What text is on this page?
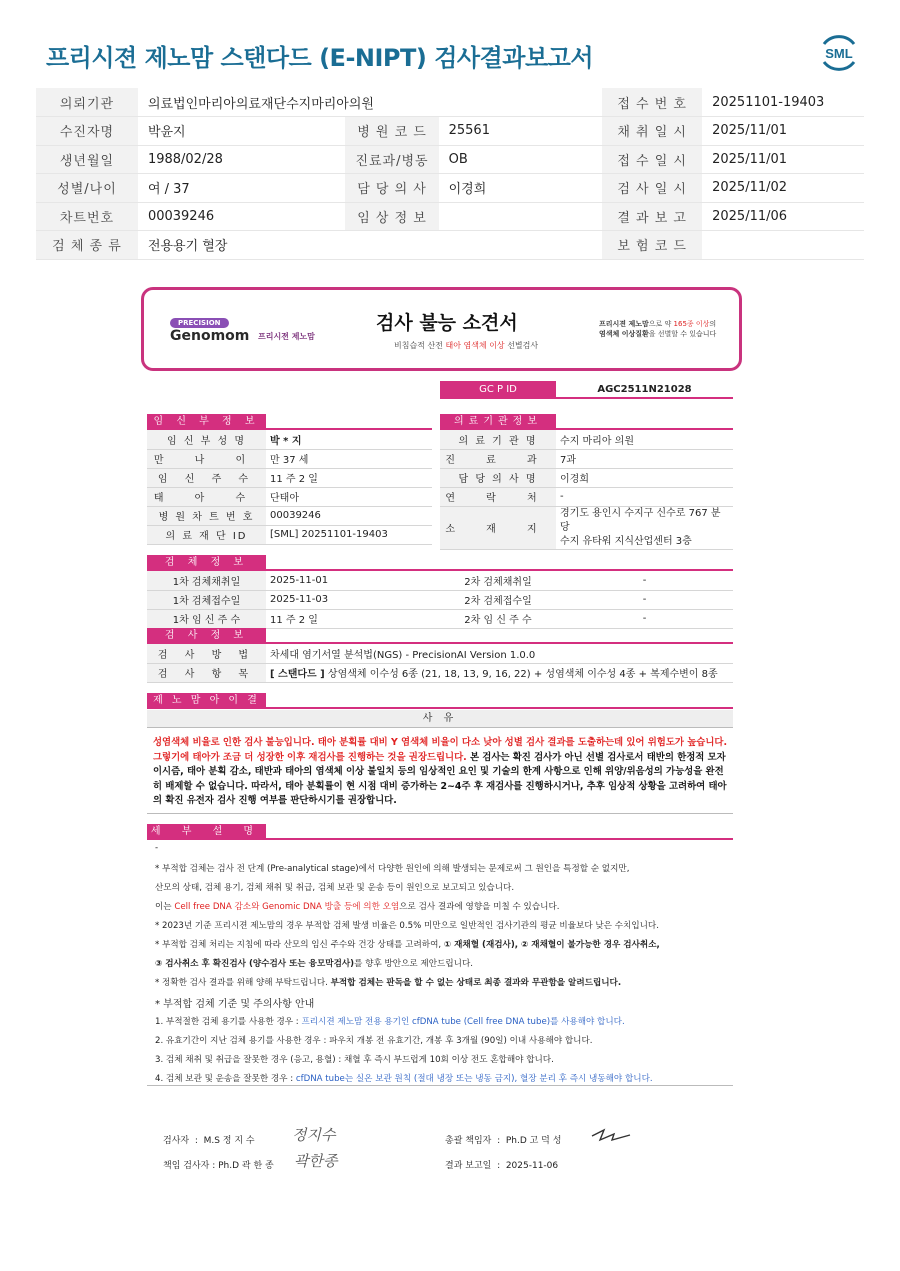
프리시젼 제노맘 스탠다드 (E-NIPT) 검사결과보고서	SML
의뢰기관	의료법인마리아의료재단수지마리아의원			접 수 번 호	20251101-19403
수진자명	박윤지	병 원 코 드	25561	채 취 일 시	2025/11/01
생년월일	1988/02/28	진료과/병동	OB	접 수 일 시	2025/11/01
성별/나이	여 / 37	담 당 의 사	이경희	검 사 일 시	2025/11/02
차트번호	00039246	임 상 정 보		결 과 보 고	2025/11/06
검 체 종 류	전용용기 혈장			보 험 코 드	
PRECISION
Genomom 프리시젼 제노맘
검사 불능 소견서
비침습적 산전 태아 염색체 이상 선별검사
프리시젼 제노맘으로 약 165종 이상의
염색체 이상질환을 선별할 수 있습니다
GC P ID	AGC2511N21028
임 신 부 정 보	의료기관정보
임 신 부 성 명	박 * 지
만 나 이	만 37 세
임 신 주 수	11 주 2 일
태 아 수	단태아
병 원 차 트 번 호	00039246
의 료 재 단 ID	[SML] 20251101-19403
의 료 기 관 명	수지 마리아 의원
진 료 과	7과
담 당 의 사 명	이경희
연 락 처	-
소 재 지	경기도 용인시 수지구 신수로 767 분당
수지 유타워 지식산업센터 3층
검 체 정 보
1차 검체채취일	2025-11-01	2차 검체채취일	-
1차 검체접수일	2025-11-03	2차 검체접수일	-
1차 임 신 주 수	11 주 2 일	2차 임 신 주 수	-
검 사 정 보
검 사 방 법	차세대 염기서열 분석법(NGS) - PrecisionAI Version 1.0.0
검 사 항 목	[ 스탠다드 ] 상염색체 이수성 6종 (21, 18, 13, 9, 16, 22) + 성염색체 이수성 4종 + 복제수변이 8종
제 노 맘 아 이 결
사 유
성염색체 비율로 인한 검사 불능입니다. 태아 분획률 대비 Y 염색체 비율이 다소 낮아 성별 검사 결과를 도출하는데 있어 위험도가 높습니다. 그렇기에 태아가 조금 더 성장한 이후 재검사를 진행하는 것을 권장드립니다. 본 검사는 확진 검사가 아닌 선별 검사로서 태반의 한정적 모자이시즘, 태아 분획 감소, 태반과 태아의 염색체 이상 불일치 등의 임상적인 요인 및 기술의 한계 사항으로 인해 위양/위음성의 가능성을 완전히 배제할 수 없습니다. 따라서, 태아 분획률이 현 시점 대비 증가하는 2~4주 후 재검사를 진행하시거나, 추후 임상적 상황을 고려하여 태아의 확진 유전자 검사 진행 여부를 판단하시기를 권장합니다.
세 부 설 명
-
* 부적합 검체는 검사 전 단계 (Pre-analytical stage)에서 다양한 원인에 의해 발생되는 문제로써 그 원인을 특정할 순 없지만,
산모의 상태, 검체 용기, 검체 채취 및 취급, 검체 보관 및 운송 등이 원인으로 보고되고 있습니다.
이는 Cell free DNA 감소와 Genomic DNA 방출 등에 의한 오염으로 검사 결과에 영향을 미칠 수 있습니다.
* 2023년 기준 프리시젼 제노맘의 경우 부적합 검체 발생 비율은 0.5% 미만으로 일반적인 검사기관의 평균 비율보다 낮은 수치입니다.
* 부적합 검체 처리는 지침에 따라 산모의 임신 주수와 건강 상태를 고려하여, ① 재채혈 (재검사), ② 재채혈이 불가능한 경우 검사취소,
③ 검사취소 후 확진검사 (양수검사 또는 융모막검사)를 향후 방안으로 제안드립니다.
* 정확한 검사 결과를 위해 양해 부탁드립니다. 부적합 검체는 판독을 할 수 없는 상태로 최종 결과와 무관함을 알려드립니다.
* 부적합 검체 기준 및 주의사항 안내
1. 부적절한 검체 용기를 사용한 경우 : 프리시젼 제노맘 전용 용기인 cfDNA tube (Cell free DNA tube)를 사용해야 합니다.
2. 유효기간이 지난 검체 용기를 사용한 경우 : 파우치 개봉 전 유효기간, 개봉 후 3개월 (90일) 이내 사용해야 합니다.
3. 검체 채취 및 취급을 잘못한 경우 (응고, 용혈) : 채혈 후 즉시 부드럽게 10회 이상 전도 혼합해야 합니다.
4. 검체 보관 및 운송을 잘못한 경우 : cfDNA tube는 실온 보관 원칙 (절대 냉장 또는 냉동 금지), 혈장 분리 후 즉시 냉동해야 합니다.
검사자  :  M.S 정 지 수 정지수
책임 검사자 : Ph.D 곽 한 종 곽한종
총괄 책임자  :  Ph.D 고 덕 성
결과 보고일  :  2025-11-06
